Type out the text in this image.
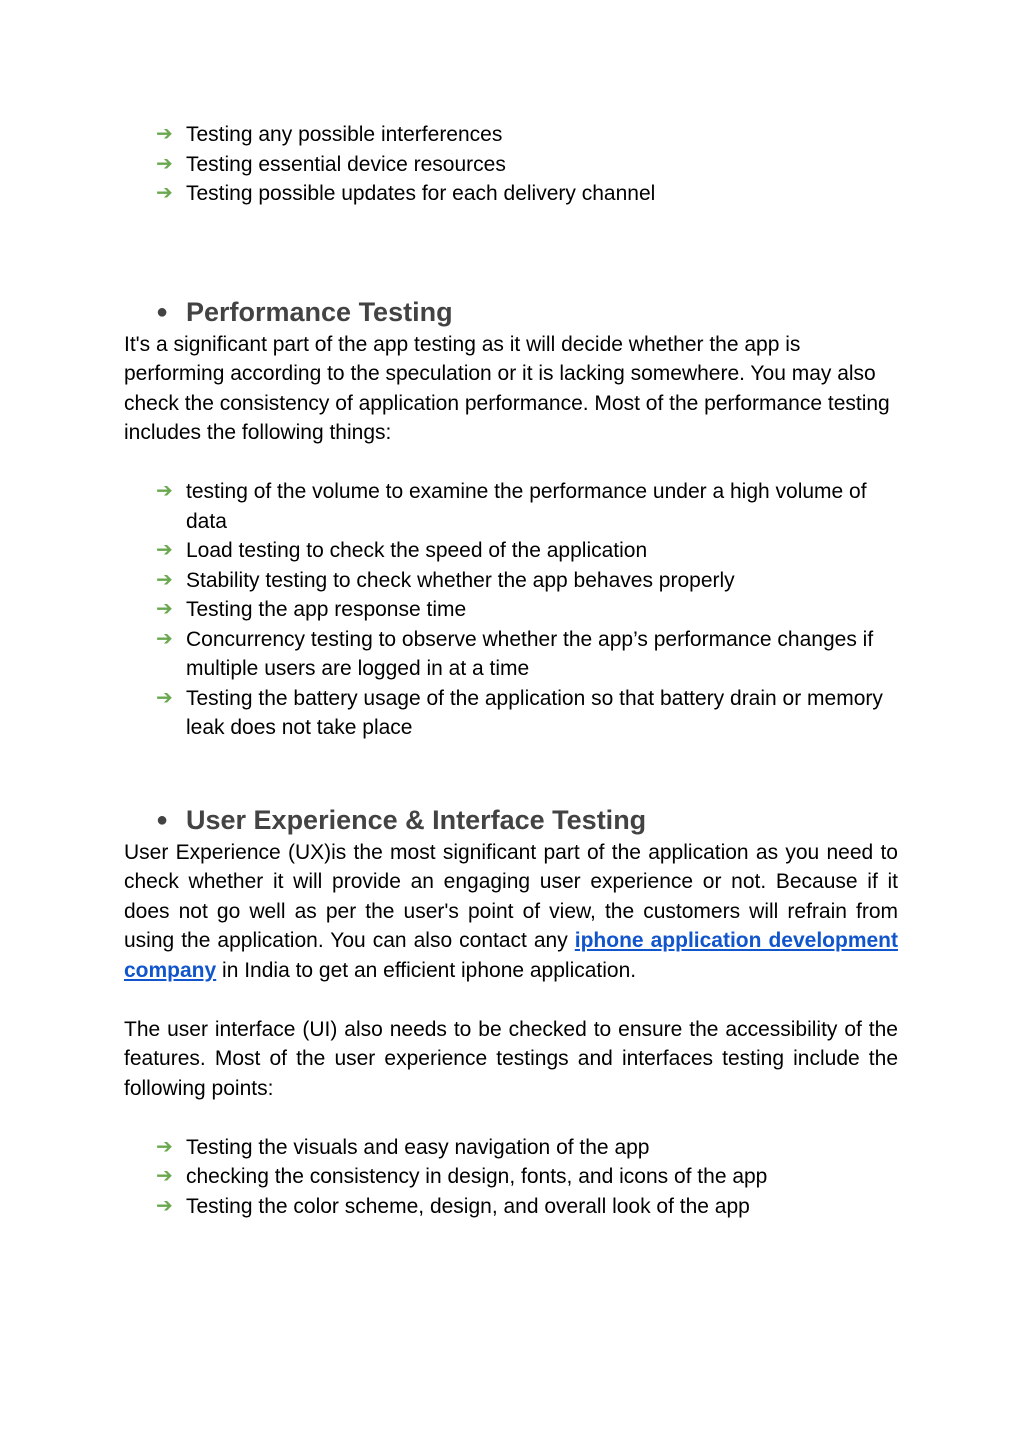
➔ Testing any possible interferences
➔ Testing essential device resources
➔ Testing possible updates for each delivery channel
● Performance Testing

It's a significant part of the app testing as it will decide whether the app is performing according to the speculation or it is lacking somewhere. You may also check the consistency of application performance. Most of the performance testing includes the following things:

➔ testing of the volume to examine the performance under a high volume of data
➔ Load testing to check the speed of the application
➔ Stability testing to check whether the app behaves properly
➔ Testing the app response time
➔ Concurrency testing to observe whether the app’s performance changes if multiple users are logged in at a time
➔ Testing the battery usage of the application so that battery drain or memory leak does not take place
● User Experience & Interface Testing

User Experience (UX)is the most significant part of the application as you need to check whether it will provide an engaging user experience or not. Because if it does not go well as per the user's point of view, the customers will refrain from using the application. You can also contact any iphone application development company in India to get an efficient iphone application.

The user interface (UI) also needs to be checked to ensure the accessibility of the features. Most of the user experience testings and interfaces testing include the following points:

➔ Testing the visuals and easy navigation of the app
➔ checking the consistency in design, fonts, and icons of the app
➔ Testing the color scheme, design, and overall look of the app
